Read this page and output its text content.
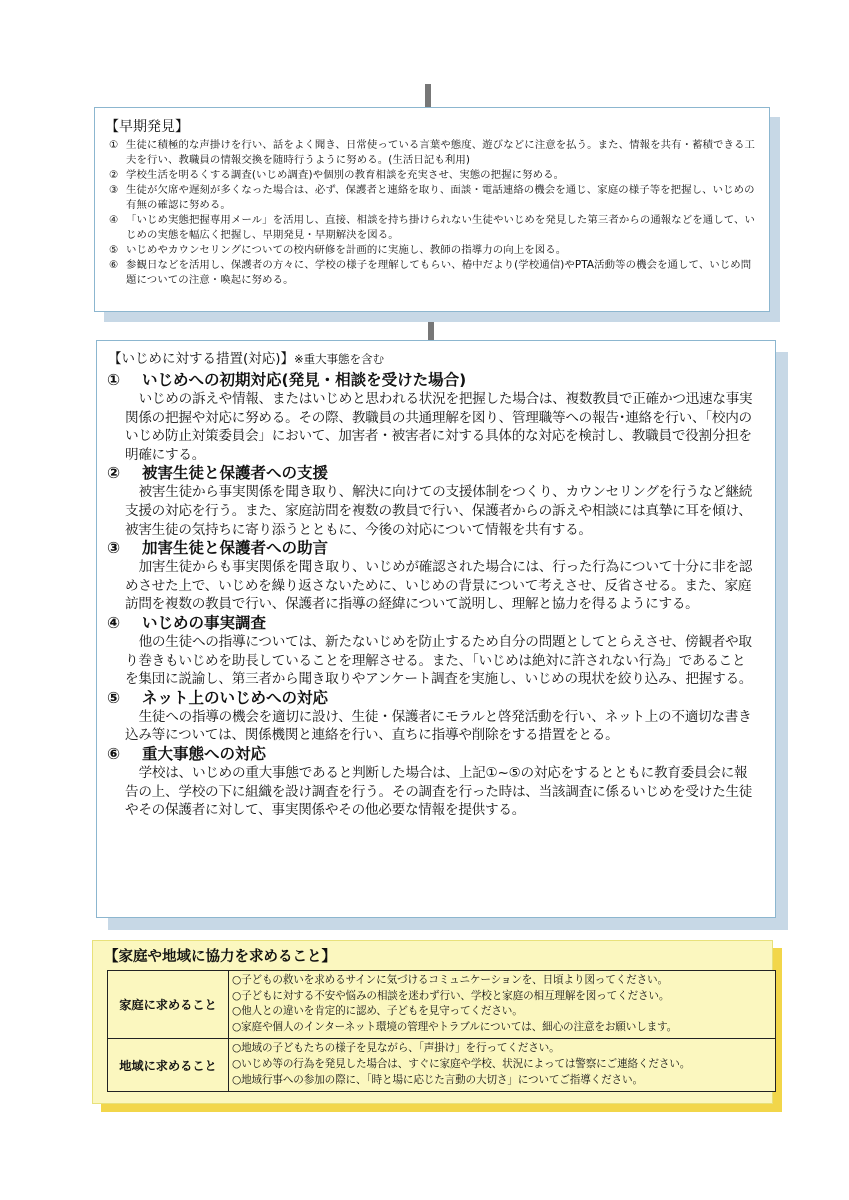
【早期発見】
① 生徒に積極的な声掛けを行い、話をよく聞き、日常使っている言葉や態度、遊びなどに注意を払う。また、情報を共有・蓄積できる工夫を行い、教職員の情報交換を随時行うように努める。(生活日記も利用)
② 学校生活を明るくする調査(いじめ調査)や個別の教育相談を充実させ、実態の把握に努める。
③ 生徒が欠席や遅刻が多くなった場合は、必ず、保護者と連絡を取り、面談・電話連絡の機会を通じ、家庭の様子等を把握し、いじめの有無の確認に努める。
④ 「いじめ実態把握専用メール」を活用し、直接、相談を持ち掛けられない生徒やいじめを発見した第三者からの通報などを通して、いじめの実態を幅広く把握し、早期発見・早期解決を図る。
⑤ いじめやカウンセリングについての校内研修を計画的に実施し、教師の指導力の向上を図る。
⑥ 参観日などを活用し、保護者の方々に、学校の様子を理解してもらい、椿中だより(学校通信)やPTA活動等の機会を通して、いじめ問題についての注意・喚起に努める。
【いじめに対する措置(対応)】※重大事態を含む
① いじめへの初期対応(発見・相談を受けた場合)

いじめの訴えや情報、またはいじめと思われる状況を把握した場合は、複数教員で正確かつ迅速な事実関係の把握や対応に努める。その際、教職員の共通理解を図り、管理職等への報告･連絡を行い、「校内のいじめ防止対策委員会」において、加害者・被害者に対する具体的な対応を検討し、教職員で役割分担を明確にする。

② 被害生徒と保護者への支援

被害生徒から事実関係を聞き取り、解決に向けての支援体制をつくり、カウンセリングを行うなど継続支援の対応を行う。また、家庭訪問を複数の教員で行い、保護者からの訴えや相談には真摯に耳を傾け、被害生徒の気持ちに寄り添うとともに、今後の対応について情報を共有する。

③ 加害生徒と保護者への助言

加害生徒からも事実関係を聞き取り、いじめが確認された場合には、行った行為について十分に非を認めさせた上で、いじめを繰り返さないために、いじめの背景について考えさせ、反省させる。また、家庭訪問を複数の教員で行い、保護者に指導の経緯について説明し、理解と協力を得るようにする。

④ いじめの事実調査

他の生徒への指導については、新たないじめを防止するため自分の問題としてとらえさせ、傍観者や取り巻きもいじめを助長していることを理解させる。また、「いじめは絶対に許されない行為」であることを集団に説諭し、第三者から聞き取りやアンケート調査を実施し、いじめの現状を絞り込み、把握する。

⑤ ネット上のいじめへの対応

生徒への指導の機会を適切に設け、生徒・保護者にモラルと啓発活動を行い、ネット上の不適切な書き込み等については、関係機関と連絡を行い、直ちに指導や削除をする措置をとる。

⑥ 重大事態への対応

学校は、いじめの重大事態であると判断した場合は、上記①~⑤の対応をするとともに教育委員会に報告の上、学校の下に組織を設け調査を行う。その調査を行った時は、当該調査に係るいじめを受けた生徒やその保護者に対して、事実関係やその他必要な情報を提供する。

【家庭や地域に協力を求めること】
家庭に求めること	○子どもの救いを求めるサインに気づけるコミュニケーションを、日頃より図ってください。
○子どもに対する不安や悩みの相談を迷わず行い、学校と家庭の相互理解を図ってください。
○他人との違いを肯定的に認め、子どもを見守ってください。
○家庭や個人のインターネット環境の管理やトラブルについては、細心の注意をお願いします。

地域に求めること	○地域の子どもたちの様子を見ながら、「声掛け」を行ってください。
○いじめ等の行為を発見した場合は、すぐに家庭や学校、状況によっては警察にご連絡ください。
○地域行事への参加の際に、「時と場に応じた言動の大切さ」についてご指導ください。
